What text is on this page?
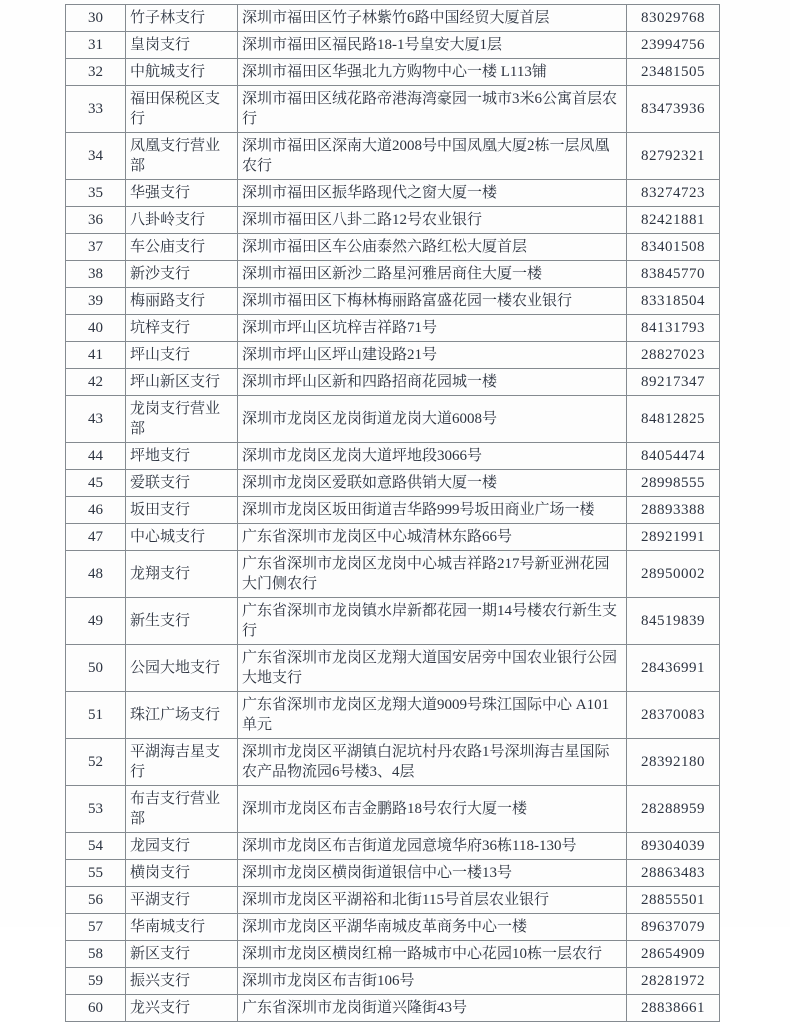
30	竹子林支行	深圳市福田区竹子林紫竹6路中国经贸大厦首层	83029768
31	皇岗支行	深圳市福田区福民路18-1号皇安大厦1层	23994756
32	中航城支行	深圳市福田区华强北九方购物中心一楼 L113铺	23481505
33	福田保税区支行	深圳市福田区绒花路帝港海湾豪园一城市3米6公寓首层农行	83473936
34	凤凰支行营业部	深圳市福田区深南大道2008号中国凤凰大厦2栋一层凤凰农行	82792321
35	华强支行	深圳市福田区振华路现代之窗大厦一楼	83274723
36	八卦岭支行	深圳市福田区八卦二路12号农业银行	82421881
37	车公庙支行	深圳市福田区车公庙泰然六路红松大厦首层	83401508
38	新沙支行	深圳市福田区新沙二路星河雅居商住大厦一楼	83845770
39	梅丽路支行	深圳市福田区下梅林梅丽路富盛花园一楼农业银行	83318504
40	坑梓支行	深圳市坪山区坑梓吉祥路71号	84131793
41	坪山支行	深圳市坪山区坪山建设路21号	28827023
42	坪山新区支行	深圳市坪山区新和四路招商花园城一楼	89217347
43	龙岗支行营业部	深圳市龙岗区龙岗街道龙岗大道6008号	84812825
44	坪地支行	深圳市龙岗区龙岗大道坪地段3066号	84054474
45	爱联支行	深圳市龙岗区爱联如意路供销大厦一楼	28998555
46	坂田支行	深圳市龙岗区坂田街道吉华路999号坂田商业广场一楼	28893388
47	中心城支行	广东省深圳市龙岗区中心城清林东路66号	28921991
48	龙翔支行	广东省深圳市龙岗区龙岗中心城吉祥路217号新亚洲花园大门侧农行	28950002
49	新生支行	广东省深圳市龙岗镇水岸新都花园一期14号楼农行新生支行	84519839
50	公园大地支行	广东省深圳市龙岗区龙翔大道国安居旁中国农业银行公园大地支行	28436991
51	珠江广场支行	广东省深圳市龙岗区龙翔大道9009号珠江国际中心 A101单元	28370083
52	平湖海吉星支行	深圳市龙岗区平湖镇白泥坑村丹农路1号深圳海吉星国际农产品物流园6号楼3、4层	28392180
53	布吉支行营业部	深圳市龙岗区布吉金鹏路18号农行大厦一楼	28288959
54	龙园支行	深圳市龙岗区布吉街道龙园意境华府36栋118-130号	89304039
55	横岗支行	深圳市龙岗区横岗街道银信中心一楼13号	28863483
56	平湖支行	深圳市龙岗区平湖裕和北街115号首层农业银行	28855501
57	华南城支行	深圳市龙岗区平湖华南城皮革商务中心一楼	89637079
58	新区支行	深圳市龙岗区横岗红棉一路城市中心花园10栋一层农行	28654909
59	振兴支行	深圳市龙岗区布吉街106号	28281972
60	龙兴支行	广东省深圳市龙岗街道兴隆街43号	28838661
